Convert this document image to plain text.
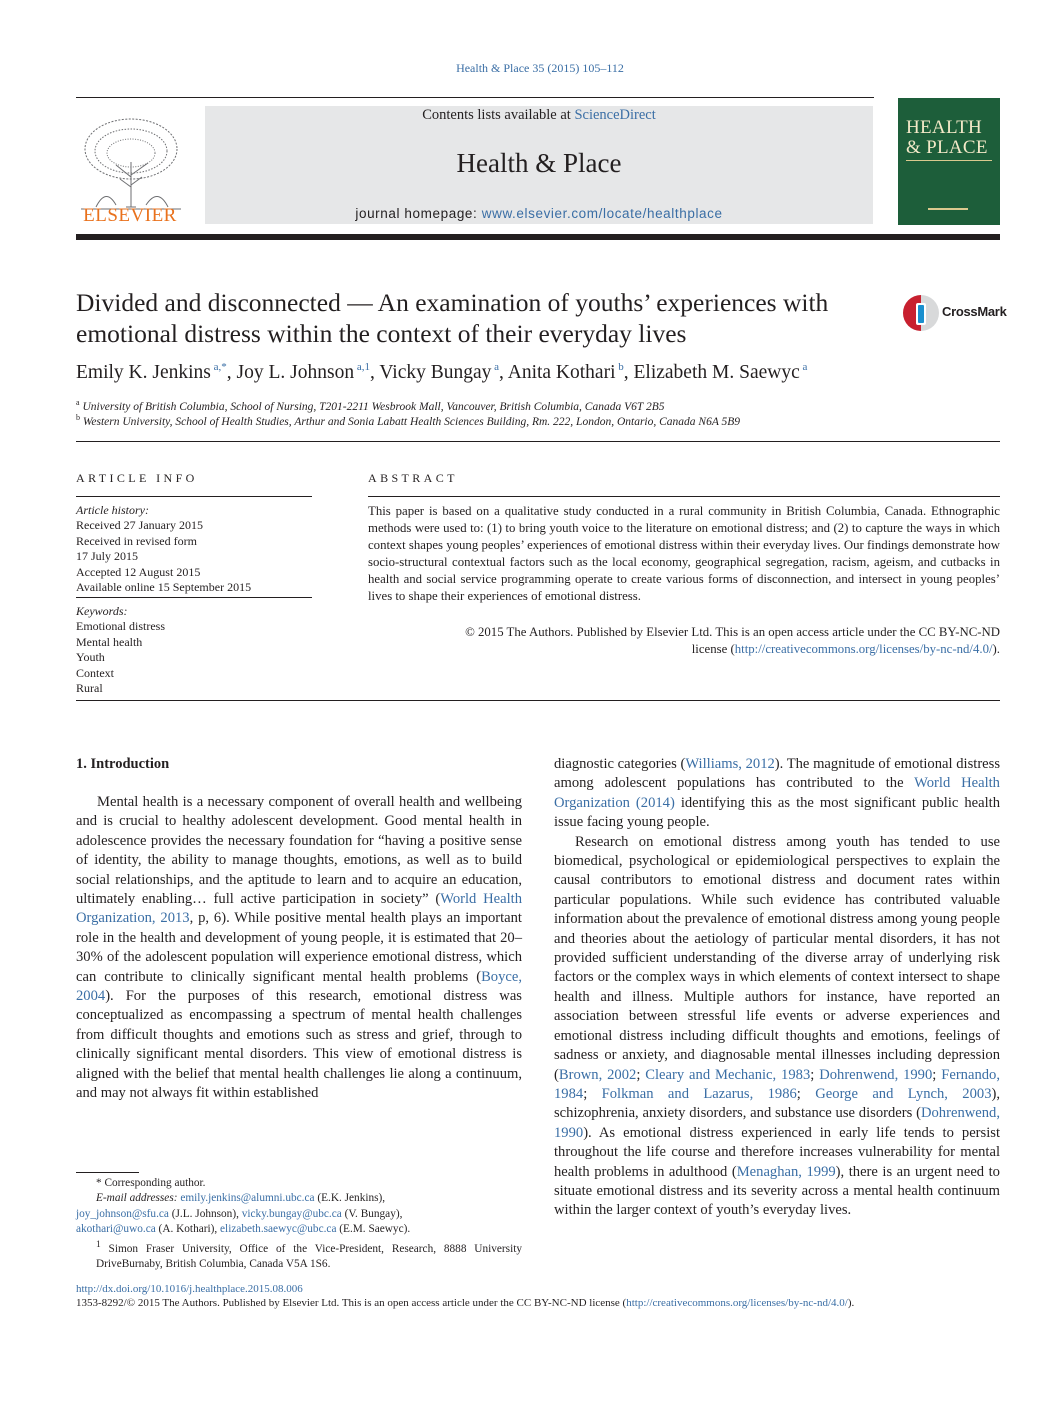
Health & Place 35 (2015) 105–112
ELSEVIER
Contents lists available at ScienceDirect
Health & Place
journal homepage: www.elsevier.com/locate/healthplace
HEALTH
& PLACE
Divided and disconnected — An examination of youths’ experiences with emotional distress within the context of their everyday lives
CrossMark
Emily K. Jenkins $^{a,*}$, Joy L. Johnson $^{a,1}$, Vicky Bungay $^a$, Anita Kothari $^b$, Elizabeth M. Saewyc $^a$
$^a$ University of British Columbia, School of Nursing, T201-2211 Wesbrook Mall, Vancouver, British Columbia, Canada V6T 2B5
$^b$ Western University, School of Health Studies, Arthur and Sonia Labatt Health Sciences Building, Rm. 222, London, Ontario, Canada N6A 5B9
ARTICLE INFO	ABSTRACT
Article history:
Received 27 January 2015
Received in revised form
17 July 2015
Accepted 12 August 2015
Available online 15 September 2015
Keywords:
Emotional distress
Mental health
Youth
Context
Rural
This paper is based on a qualitative study conducted in a rural community in British Columbia, Canada. Ethnographic methods were used to: (1) to bring youth voice to the literature on emotional distress; and (2) to capture the ways in which context shapes young peoples’ experiences of emotional distress within their everyday lives. Our findings demonstrate how socio-structural contextual factors such as the local economy, geographical segregation, racism, ageism, and cutbacks in health and social service programming operate to create various forms of disconnection, and intersect in young peoples’ lives to shape their experiences of emotional distress.
© 2015 The Authors. Published by Elsevier Ltd. This is an open access article under the CC BY-NC-ND
license (http://creativecommons.org/licenses/by-nc-nd/4.0/).
1. Introduction

Mental health is a necessary component of overall health and wellbeing and is crucial to healthy adolescent development. Good mental health in adolescence provides the necessary foundation for “having a positive sense of identity, the ability to manage thoughts, emotions, as well as to build social relationships, and the aptitude to learn and to acquire an education, ultimately enabling… full active participation in society” (World Health Organization, 2013, p, 6). While positive mental health plays an important role in the health and development of young people, it is estimated that 20–30% of the adolescent population will experience emotional distress, which can contribute to clinically significant mental health problems (Boyce, 2004). For the purposes of this research, emotional distress was conceptualized as encompassing a spectrum of mental health challenges from difficult thoughts and emotions such as stress and grief, through to clinically significant mental disorders. This view of emotional distress is aligned with the belief that mental health challenges lie along a continuum, and may not always fit within established

diagnostic categories (Williams, 2012). The magnitude of emotional distress among adolescent populations has contributed to the World Health Organization (2014) identifying this as the most significant public health issue facing young people.

Research on emotional distress among youth has tended to use biomedical, psychological or epidemiological perspectives to explain the causal contributors to emotional distress and document rates within particular populations. While such evidence has contributed valuable information about the prevalence of emotional distress among young people and theories about the aetiology of particular mental disorders, it has not provided sufficient understanding of the diverse array of underlying risk factors or the complex ways in which elements of context intersect to shape health and illness. Multiple authors for instance, have reported an association between stressful life events or adverse experiences and emotional distress including difficult thoughts and emotions, feelings of sadness or anxiety, and diagnosable mental illnesses including depression (Brown, 2002; Cleary and Mechanic, 1983; Dohrenwend, 1990; Fernando, 1984; Folkman and Lazarus, 1986; George and Lynch, 2003), schizophrenia, anxiety disorders, and substance use disorders (Dohrenwend, 1990). As emotional distress experienced in early life tends to persist throughout the life course and therefore increases vulnerability for mental health problems in adulthood (Menaghan, 1999), there is an urgent need to situate emotional distress and its severity across a mental health continuum within the larger context of youth’s everyday lives.

* Corresponding author.

E-mail addresses: emily.jenkins@alumni.ubc.ca (E.K. Jenkins),
joy_johnson@sfu.ca (J.L. Johnson), vicky.bungay@ubc.ca (V. Bungay),
akothari@uwo.ca (A. Kothari), elizabeth.saewyc@ubc.ca (E.M. Saewyc).

$^1$ Simon Fraser University, Office of the Vice-President, Research, 8888 University DriveBurnaby, British Columbia, Canada V5A 1S6.

http://dx.doi.org/10.1016/j.healthplace.2015.08.006
1353-8292/© 2015 The Authors. Published by Elsevier Ltd. This is an open access article under the CC BY-NC-ND license (http://creativecommons.org/licenses/by-nc-nd/4.0/).
